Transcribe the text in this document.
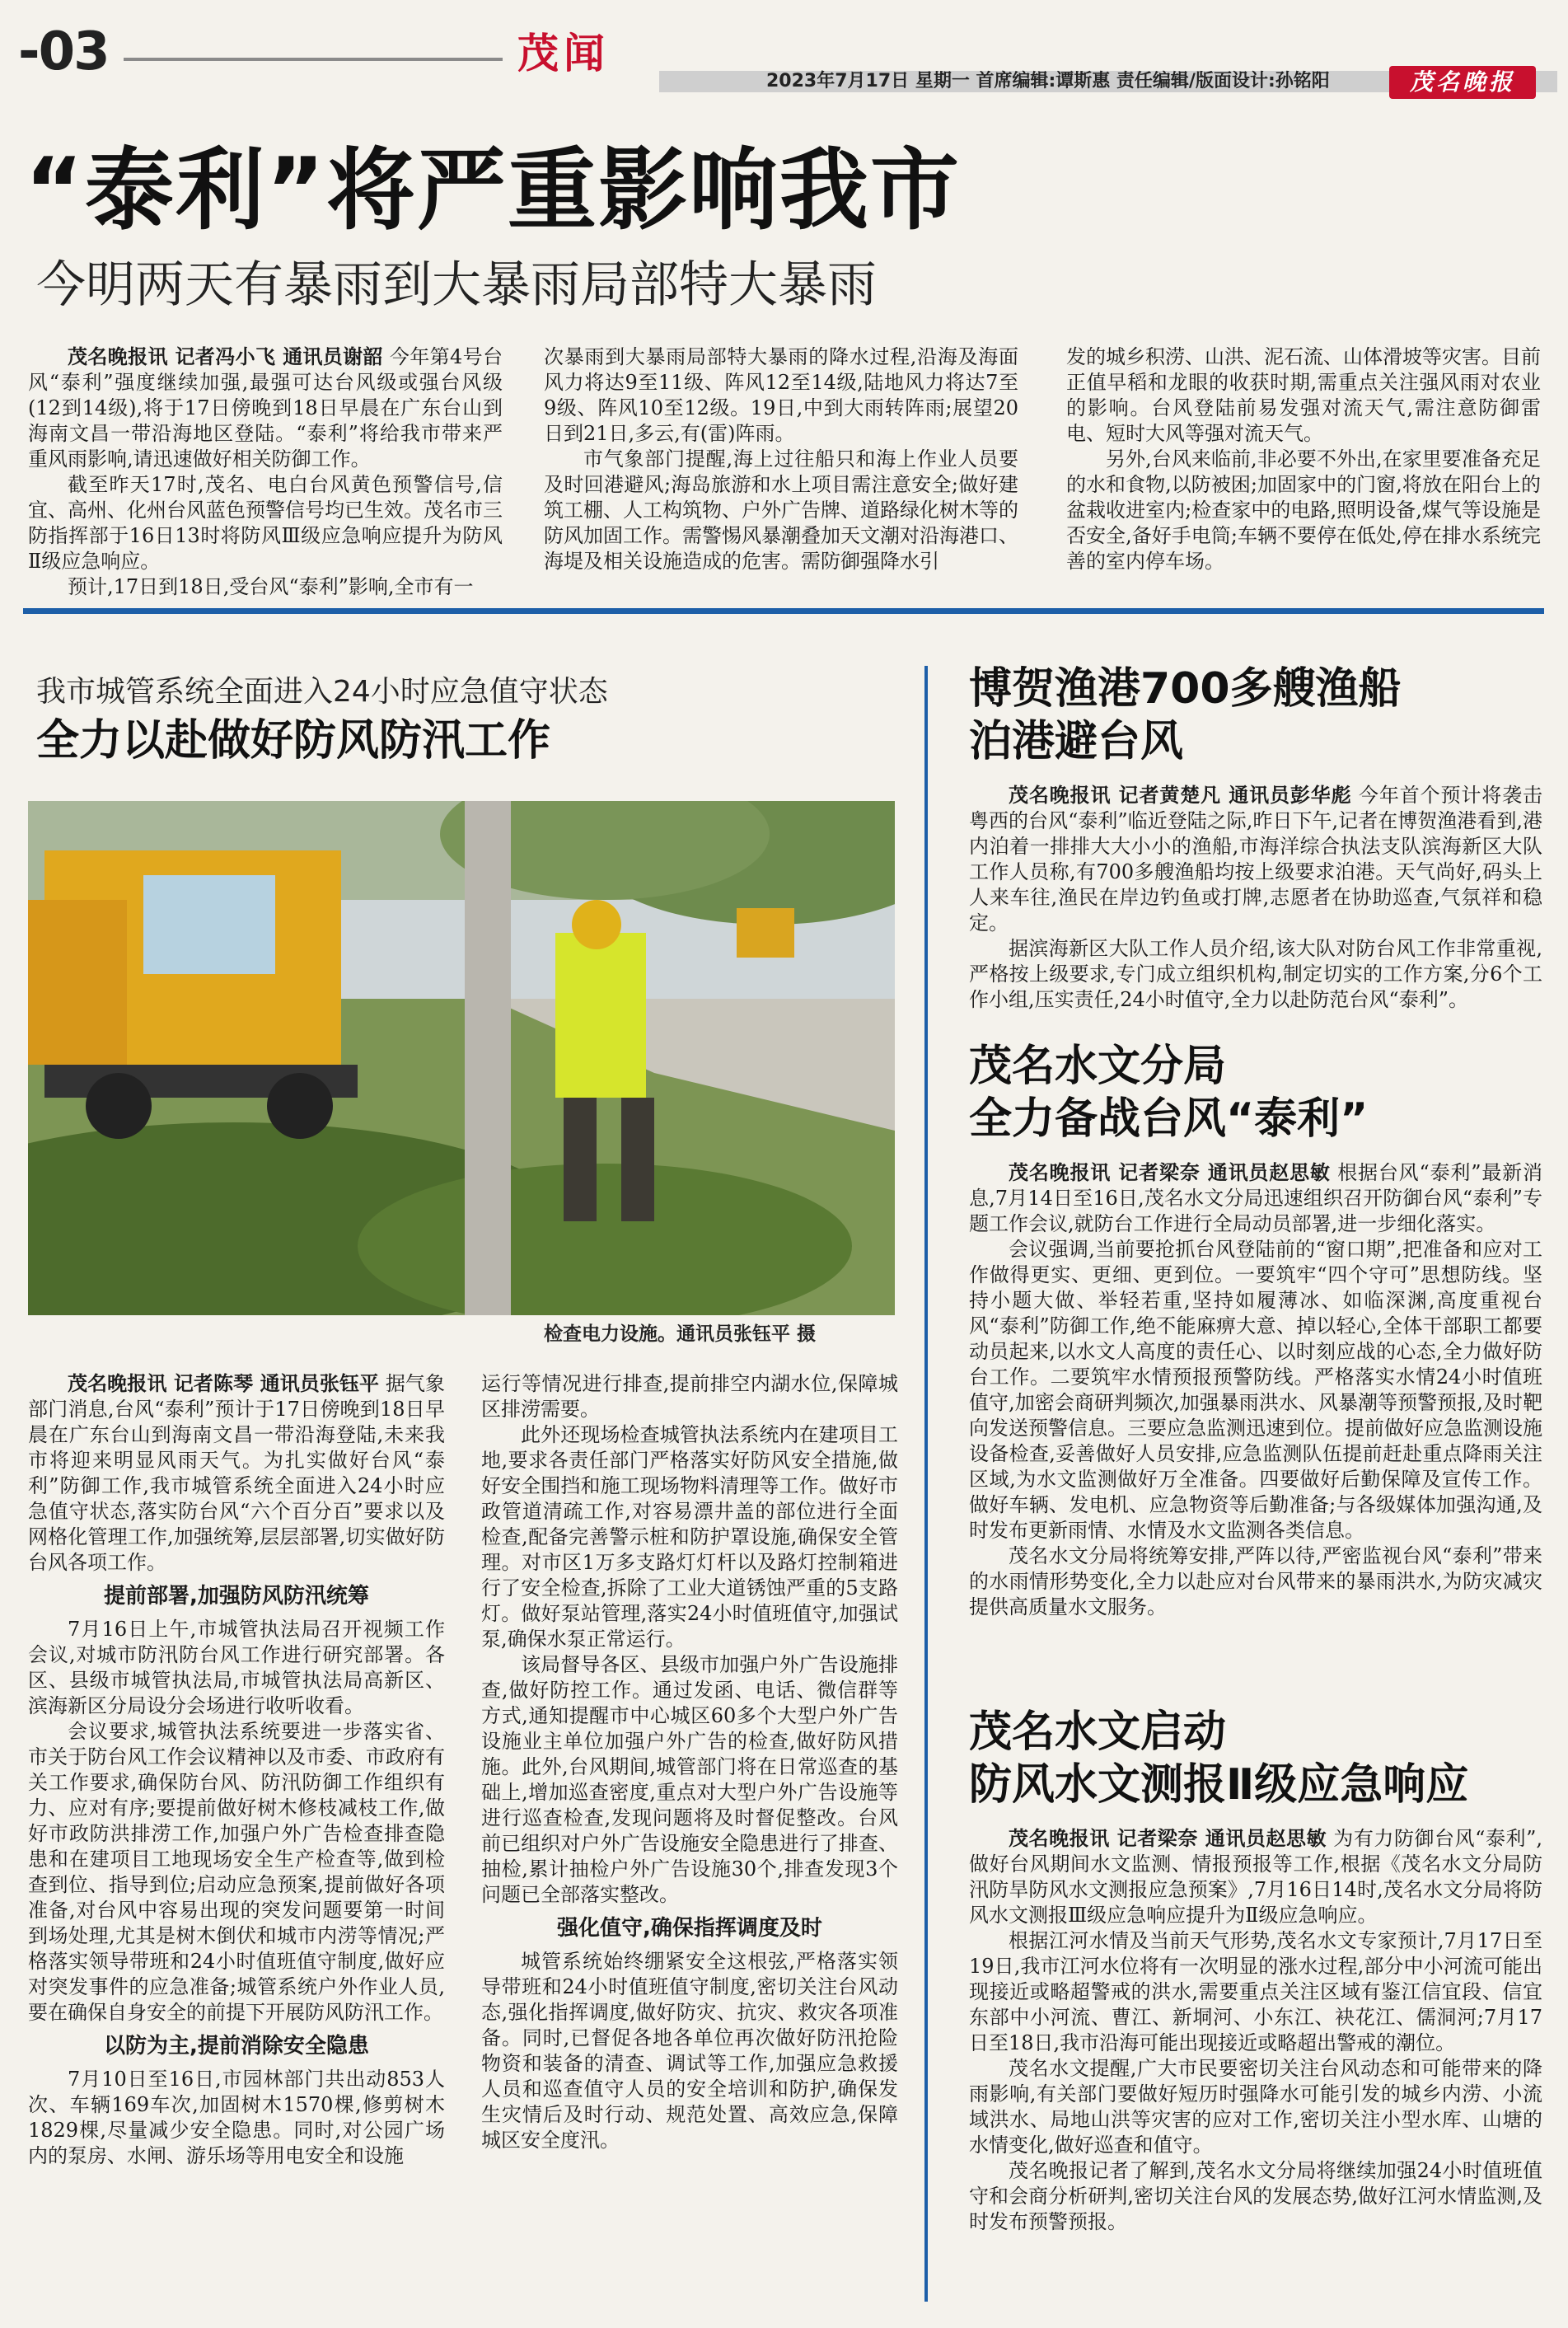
-03	茂闻
2023年7月17日 星期一 首席编辑:谭斯惠 责任编辑/版面设计:孙铭阳	茂名晚报
“泰利”将严重影响我市
今明两天有暴雨到大暴雨局部特大暴雨

茂名晚报讯 记者冯小飞 通讯员谢韶 今年第4号台风“泰利”强度继续加强,最强可达台风级或强台风级(12到14级),将于17日傍晚到18日早晨在广东台山到海南文昌一带沿海地区登陆。“泰利”将给我市带来严重风雨影响,请迅速做好相关防御工作。

截至昨天17时,茂名、电白台风黄色预警信号,信宜、高州、化州台风蓝色预警信号均已生效。茂名市三防指挥部于16日13时将防风Ⅲ级应急响应提升为防风Ⅱ级应急响应。

预计,17日到18日,受台风“泰利”影响,全市有一

次暴雨到大暴雨局部特大暴雨的降水过程,沿海及海面风力将达9至11级、阵风12至14级,陆地风力将达7至9级、阵风10至12级。19日,中到大雨转阵雨;展望20日到21日,多云,有(雷)阵雨。

市气象部门提醒,海上过往船只和海上作业人员要及时回港避风;海岛旅游和水上项目需注意安全;做好建筑工棚、人工构筑物、户外广告牌、道路绿化树木等的防风加固工作。需警惕风暴潮叠加天文潮对沿海港口、海堤及相关设施造成的危害。需防御强降水引

发的城乡积涝、山洪、泥石流、山体滑坡等灾害。目前正值早稻和龙眼的收获时期,需重点关注强风雨对农业的影响。台风登陆前易发强对流天气,需注意防御雷电、短时大风等强对流天气。

另外,台风来临前,非必要不外出,在家里要准备充足的水和食物,以防被困;加固家中的门窗,将放在阳台上的盆栽收进室内;检查家中的电路,照明设备,煤气等设施是否安全,备好手电筒;车辆不要停在低处,停在排水系统完善的室内停车场。

我市城管系统全面进入24小时应急值守状态
全力以赴做好防风防汛工作
检查电力设施。通讯员张钰平 摄

茂名晚报讯 记者陈琴 通讯员张钰平 据气象部门消息,台风“泰利”预计于17日傍晚到18日早晨在广东台山到海南文昌一带沿海登陆,未来我市将迎来明显风雨天气。为扎实做好台风“泰利”防御工作,我市城管系统全面进入24小时应急值守状态,落实防台风“六个百分百”要求以及网格化管理工作,加强统筹,层层部署,切实做好防台风各项工作。

提前部署,加强防风防汛统筹

7月16日上午,市城管执法局召开视频工作会议,对城市防汛防台风工作进行研究部署。各区、县级市城管执法局,市城管执法局高新区、滨海新区分局设分会场进行收听收看。

会议要求,城管执法系统要进一步落实省、市关于防台风工作会议精神以及市委、市政府有关工作要求,确保防台风、防汛防御工作组织有力、应对有序;要提前做好树木修枝减枝工作,做好市政防洪排涝工作,加强户外广告检查排查隐患和在建项目工地现场安全生产检查等,做到检查到位、指导到位;启动应急预案,提前做好各项准备,对台风中容易出现的突发问题要第一时间到场处理,尤其是树木倒伏和城市内涝等情况;严格落实领导带班和24小时值班值守制度,做好应对突发事件的应急准备;城管系统户外作业人员,要在确保自身安全的前提下开展防风防汛工作。

以防为主,提前消除安全隐患

7月10日至16日,市园林部门共出动853人次、车辆169车次,加固树木1570棵,修剪树木1829棵,尽量减少安全隐患。同时,对公园广场内的泵房、水闸、游乐场等用电安全和设施

运行等情况进行排查,提前排空内湖水位,保障城区排涝需要。

此外还现场检查城管执法系统内在建项目工地,要求各责任部门严格落实好防风安全措施,做好安全围挡和施工现场物料清理等工作。做好市政管道清疏工作,对容易漂井盖的部位进行全面检查,配备完善警示桩和防护罩设施,确保安全管理。对市区1万多支路灯灯杆以及路灯控制箱进行了安全检查,拆除了工业大道锈蚀严重的5支路灯。做好泵站管理,落实24小时值班值守,加强试泵,确保水泵正常运行。

该局督导各区、县级市加强户外广告设施排查,做好防控工作。通过发函、电话、微信群等方式,通知提醒市中心城区60多个大型户外广告设施业主单位加强户外广告的检查,做好防风措施。此外,台风期间,城管部门将在日常巡查的基础上,增加巡查密度,重点对大型户外广告设施等进行巡查检查,发现问题将及时督促整改。台风前已组织对户外广告设施安全隐患进行了排查、抽检,累计抽检户外广告设施30个,排查发现3个问题已全部落实整改。

强化值守,确保指挥调度及时

城管系统始终绷紧安全这根弦,严格落实领导带班和24小时值班值守制度,密切关注台风动态,强化指挥调度,做好防灾、抗灾、救灾各项准备。同时,已督促各地各单位再次做好防汛抢险物资和装备的清查、调试等工作,加强应急救援人员和巡查值守人员的安全培训和防护,确保发生灾情后及时行动、规范处置、高效应急,保障城区安全度汛。

博贺渔港700多艘渔船
泊港避台风

茂名晚报讯 记者黄楚凡 通讯员彭华彪 今年首个预计将袭击粤西的台风“泰利”临近登陆之际,昨日下午,记者在博贺渔港看到,港内泊着一排排大大小小的渔船,市海洋综合执法支队滨海新区大队工作人员称,有700多艘渔船均按上级要求泊港。天气尚好,码头上人来车往,渔民在岸边钓鱼或打牌,志愿者在协助巡查,气氛祥和稳定。

据滨海新区大队工作人员介绍,该大队对防台风工作非常重视,严格按上级要求,专门成立组织机构,制定切实的工作方案,分6个工作小组,压实责任,24小时值守,全力以赴防范台风“泰利”。

茂名水文分局
全力备战台风“泰利”

茂名晚报讯 记者梁奈 通讯员赵思敏 根据台风“泰利”最新消息,7月14日至16日,茂名水文分局迅速组织召开防御台风“泰利”专题工作会议,就防台工作进行全局动员部署,进一步细化落实。

会议强调,当前要抢抓台风登陆前的“窗口期”,把准备和应对工作做得更实、更细、更到位。一要筑牢“四个守可”思想防线。坚持小题大做、举轻若重,坚持如履薄冰、如临深渊,高度重视台风“泰利”防御工作,绝不能麻痹大意、掉以轻心,全体干部职工都要动员起来,以水文人高度的责任心、以时刻应战的心态,全力做好防台工作。二要筑牢水情预报预警防线。严格落实水情24小时值班值守,加密会商研判频次,加强暴雨洪水、风暴潮等预警预报,及时靶向发送预警信息。三要应急监测迅速到位。提前做好应急监测设施设备检查,妥善做好人员安排,应急监测队伍提前赶赴重点降雨关注区域,为水文监测做好万全准备。四要做好后勤保障及宣传工作。做好车辆、发电机、应急物资等后勤准备;与各级媒体加强沟通,及时发布更新雨情、水情及水文监测各类信息。

茂名水文分局将统筹安排,严阵以待,严密监视台风“泰利”带来的水雨情形势变化,全力以赴应对台风带来的暴雨洪水,为防灾减灾提供高质量水文服务。

茂名水文启动
防风水文测报Ⅱ级应急响应

茂名晚报讯 记者梁奈 通讯员赵思敏 为有力防御台风“泰利”,做好台风期间水文监测、情报预报等工作,根据《茂名水文分局防汛防旱防风水文测报应急预案》,7月16日14时,茂名水文分局将防风水文测报Ⅲ级应急响应提升为Ⅱ级应急响应。

根据江河水情及当前天气形势,茂名水文专家预计,7月17日至19日,我市江河水位将有一次明显的涨水过程,部分中小河流可能出现接近或略超警戒的洪水,需要重点关注区域有鉴江信宜段、信宜东部中小河流、曹江、新垌河、小东江、袂花江、儒洞河;7月17日至18日,我市沿海可能出现接近或略超出警戒的潮位。

茂名水文提醒,广大市民要密切关注台风动态和可能带来的降雨影响,有关部门要做好短历时强降水可能引发的城乡内涝、小流域洪水、局地山洪等灾害的应对工作,密切关注小型水库、山塘的水情变化,做好巡查和值守。

茂名晚报记者了解到,茂名水文分局将继续加强24小时值班值守和会商分析研判,密切关注台风的发展态势,做好江河水情监测,及时发布预警预报。
